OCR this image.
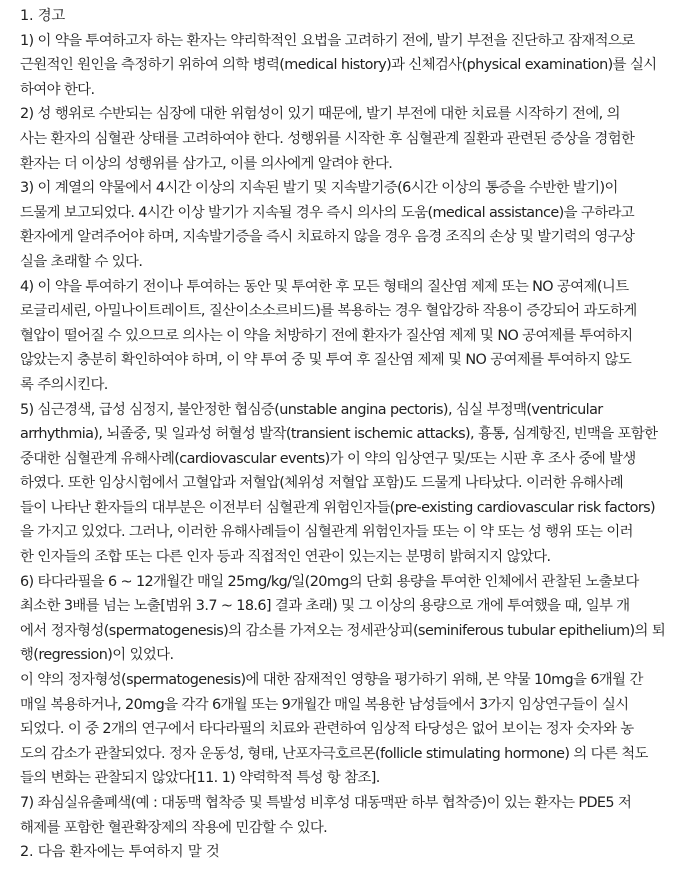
1. 경고
1) 이 약을 투여하고자 하는 환자는 약리학적인 요법을 고려하기 전에, 발기 부전을 진단하고 잠재적으로
근원적인 원인을 측정하기 위하여 의학 병력(medical history)과 신체검사(physical examination)를 실시
하여야 한다.
2) 성 행위로 수반되는 심장에 대한 위험성이 있기 때문에, 발기 부전에 대한 치료를 시작하기 전에, 의
사는 환자의 심혈관 상태를 고려하여야 한다. 성행위를 시작한 후 심혈관계 질환과 관련된 증상을 경험한
환자는 더 이상의 성행위를 삼가고, 이를 의사에게 알려야 한다.
3) 이 계열의 약물에서 4시간 이상의 지속된 발기 및 지속발기증(6시간 이상의 통증을 수반한 발기)이
드물게 보고되었다. 4시간 이상 발기가 지속될 경우 즉시 의사의 도움(medical assistance)을 구하라고
환자에게 알려주어야 하며, 지속발기증을 즉시 치료하지 않을 경우 음경 조직의 손상 및 발기력의 영구상
실을 초래할 수 있다.
4) 이 약을 투여하기 전이나 투여하는 동안 및 투여한 후 모든 형태의 질산염 제제 또는 NO 공여제(니트
로글리세린, 아밀나이트레이트, 질산이소소르비드)를 복용하는 경우 혈압강하 작용이 증강되어 과도하게
혈압이 떨어질 수 있으므로 의사는 이 약을 처방하기 전에 환자가 질산염 제제 및 NO 공여제를 투여하지
않았는지 충분히 확인하여야 하며, 이 약 투여 중 및 투여 후 질산염 제제 및 NO 공여제를 투여하지 않도
록 주의시킨다.
5) 심근경색, 급성 심정지, 불안정한 협심증(unstable angina pectoris), 심실 부정맥(ventricular
arrhythmia), 뇌졸중, 및 일과성 허혈성 발작(transient ischemic attacks), 흉통, 심계항진, 빈맥을 포함한
중대한 심혈관계 유해사례(cardiovascular events)가 이 약의 임상연구 및/또는 시판 후 조사 중에 발생
하였다. 또한 임상시험에서 고혈압과 저혈압(체위성 저혈압 포함)도 드물게 나타났다. 이러한 유해사례
들이 나타난 환자들의 대부분은 이전부터 심혈관계 위험인자들(pre-existing cardiovascular risk factors)
을 가지고 있었다. 그러나, 이러한 유해사례들이 심혈관계 위험인자들 또는 이 약 또는 성 행위 또는 이러
한 인자들의 조합 또는 다른 인자 등과 직접적인 연관이 있는지는 분명히 밝혀지지 않았다.
6) 타다라필을 6 ~ 12개월간 매일 25mg/kg/일(20mg의 단회 용량을 투여한 인체에서 관찰된 노출보다
최소한 3배를 넘는 노출[범위 3.7 ~ 18.6] 결과 초래) 및 그 이상의 용량으로 개에 투여했을 때, 일부 개
에서 정자형성(spermatogenesis)의 감소를 가져오는 정세관상피(seminiferous tubular epithelium)의 퇴
행(regression)이 있었다.
이 약의 정자형성(spermatogenesis)에 대한 잠재적인 영향을 평가하기 위해, 본 약물 10mg을 6개월 간
매일 복용하거나, 20mg을 각각 6개월 또는 9개월간 매일 복용한 남성들에서 3가지 임상연구들이 실시
되었다. 이 중 2개의 연구에서 타다라필의 치료와 관련하여 임상적 타당성은 없어 보이는 정자 숫자와 농
도의 감소가 관찰되었다. 정자 운동성, 형태, 난포자극호르몬(follicle stimulating hormone) 의 다른 척도
들의 변화는 관찰되지 않았다[11. 1) 약력학적 특성 항 참조].
7) 좌심실유출폐색(예 : 대동맥 협착증 및 특발성 비후성 대동맥판 하부 협착증)이 있는 환자는 PDE5 저
해제를 포함한 혈관확장제의 작용에 민감할 수 있다.
2. 다음 환자에는 투여하지 말 것
